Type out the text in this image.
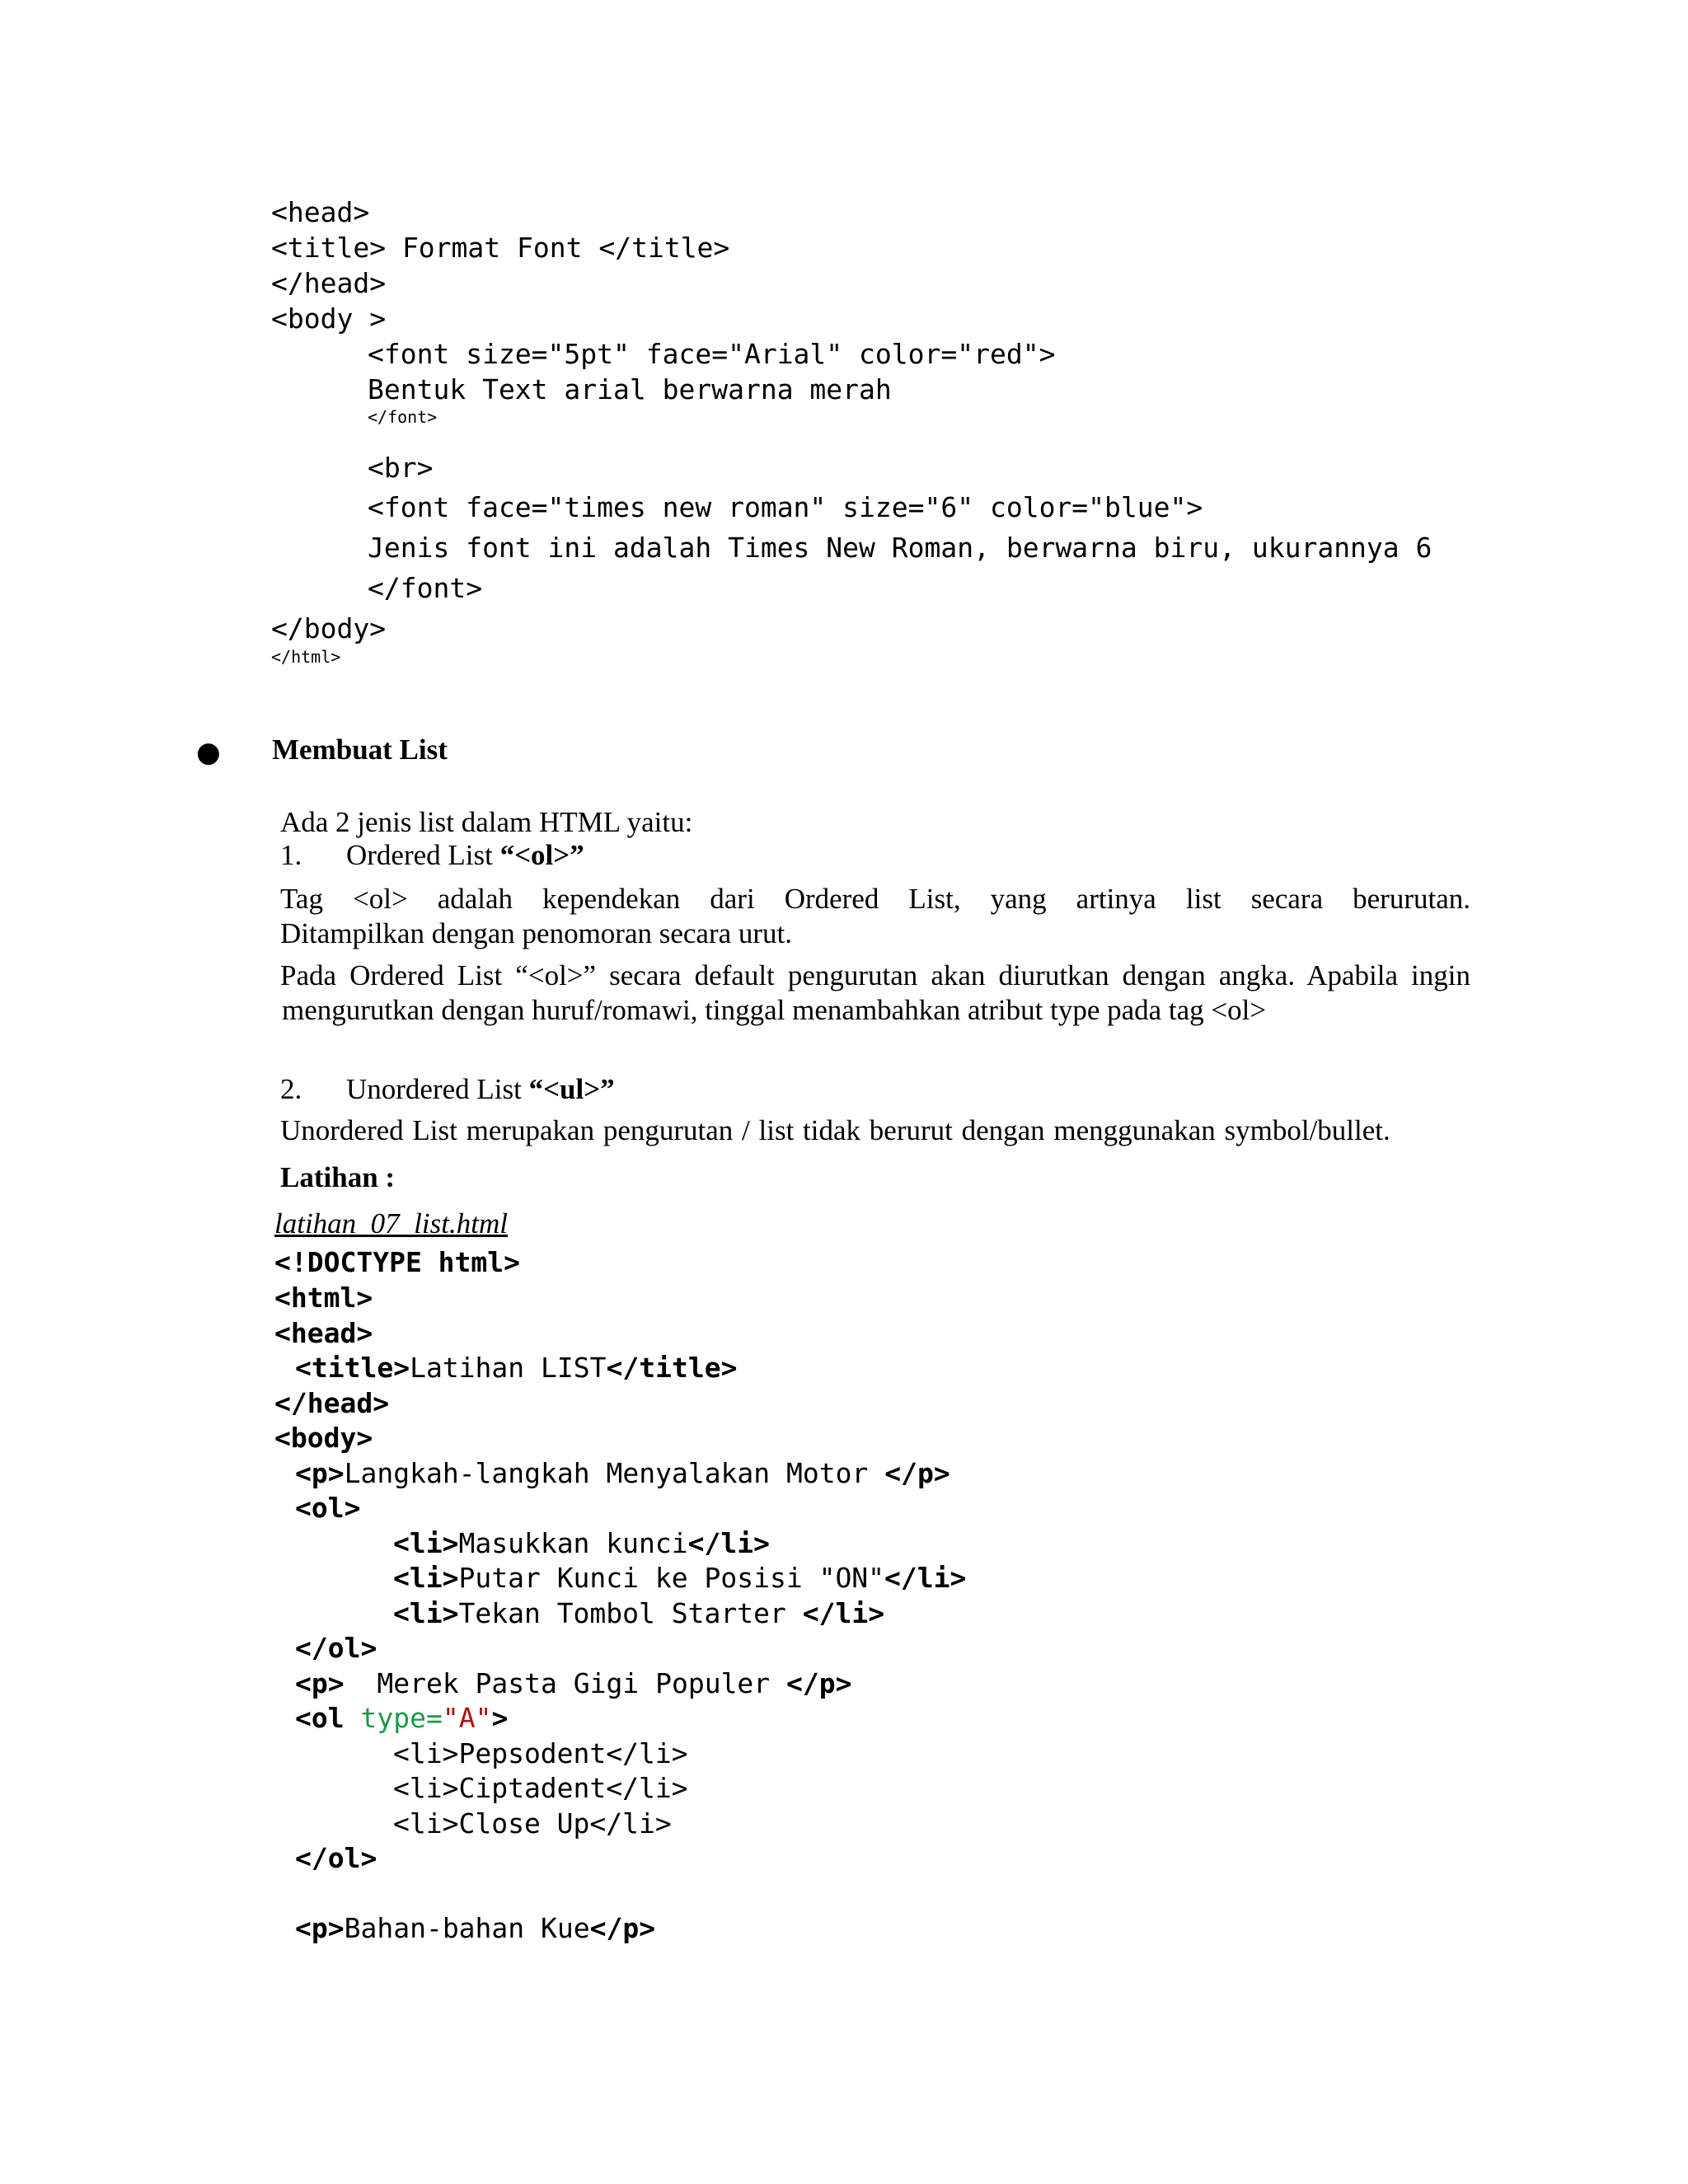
<head>
<title> Format Font </title>
</head>
<body >
<font size="5pt" face="Arial" color="red">
Bentuk Text arial berwarna merah
</font>
<br>
<font face="times new roman" size="6" color="blue">
Jenis font ini adalah Times New Roman, berwarna biru, ukurannya 6
</font>
</body>
</html>
● Membuat List
Ada 2 jenis list dalam HTML yaitu:
1. Ordered List “<ol>”
Tag <ol> adalah kependekan dari Ordered List, yang artinya list secara berurutan.
Ditampilkan dengan penomoran secara urut.
Pada Ordered List “<ol>” secara default pengurutan akan diurutkan dengan angka. Apabila ingin
mengurutkan dengan huruf/romawi, tinggal menambahkan atribut type pada tag <ol>
2. Unordered List “<ul>”
Unordered List merupakan pengurutan / list tidak berurut dengan menggunakan symbol/bullet.
Latihan :
latihan_07_list.html
<!DOCTYPE html>
<html>
<head>
<title>Latihan LIST</title>
</head>
<body>
<p>Langkah-langkah Menyalakan Motor </p>
<ol>
<li>Masukkan kunci</li>
<li>Putar Kunci ke Posisi "ON"</li>
<li>Tekan Tombol Starter </li>
</ol>
<p>  Merek Pasta Gigi Populer </p>
<ol type="A">
<li>Pepsodent</li>
<li>Ciptadent</li>
<li>Close Up</li>
</ol>
<p>Bahan-bahan Kue</p>
